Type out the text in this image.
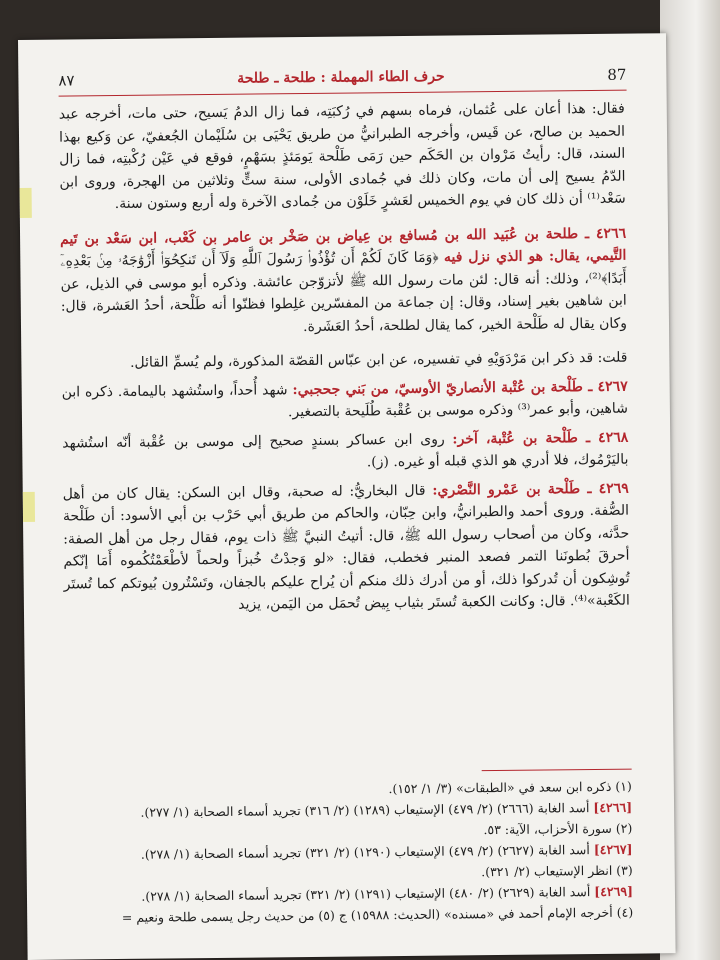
87
حرف الطاء المهملة : طلحة ـ طلحة
٨٧

فقال: هذا أعان على عُثمان، فرماه بسهم في رُكبَتِه، فما زال الدمُ يَسيح، حتى مات، أخرجه عبد الحميد بن صالح، عن قَيس، وأخرجه الطبرانيُّ من طريق يَحْيَى بن سُلَيْمان الجُعفيّ، عن وَكيع بهذا السند، قال: رأيتُ مَرْوان بن الحَكَم حين رَمَى طَلْحة يَومَئذٍ بسَهْمٍ، فوقع في عَيْن رُكْبتِه، فما زال الدّمُ يسيح إلى أن مات، وكان ذلك في جُمادى الأولى، سنة ستٍّ وثلاثين من الهجرة، وروى ابن سَعْد⁽¹⁾ أن ذلك كان في يوم الخميس لعَشرٍ خَلَوْن من جُمادى الآخرة وله أربع وستون سنة.

٤٢٦٦ ـ طلحة بن عُبَيد الله بن مُسافع بن عِياض بن صَخْر بن عامر بن كَعْب، ابن سَعْد بن تَيم التَّيمي، يقال: هو الذي نزل فيه ﴿وَمَا كَانَ لَكُمْ أَن تُؤْذُوا۟ رَسُولَ ٱللَّهِ وَلَآ أَن تَنكِحُوٓا۟ أَزْوَٰجَهُۥ مِنۢ بَعْدِهِۦٓ أَبَدًا﴾⁽²⁾، وذلك: أنه قال: لئن مات رسول الله ﷺ لأتزوّجن عائشة. وذكره أبو موسى في الذيل، عن ابن شاهين بغير إسناد، وقال: إن جماعة من المفسّرين غلِطوا فظنّوا أنه طَلْحة، أحدُ العَشرة، قال: وكان يقال له طَلْحة الخير، كما يقال لطلحة، أحدُ العَشَرة.

قلت: قد ذكر ابن مَرْدَوَيْهِ في تفسيره، عن ابن عبّاس القصّة المذكورة، ولم يُسمِّ القائل.

٤٢٦٧ ـ طَلْحة بن عُتْبة الأنصاريّ الأوسيّ، من بَني جحجبي: شهد أُحداً، واستُشهد باليمامة. ذكره ابن شاهين، وأبو عمر⁽³⁾ وذكره موسى بن عُقْبة طُلَيحة بالتصغير.

٤٢٦٨ ـ طَلْحة بن عُتْبة، آخر: روى ابن عساكر بسندٍ صحيح إلى موسى بن عُقْبة أنّه استُشهد باليَرْمُوك، فلا أدري هو الذي قبله أو غيره. (ز).

٤٢٦٩ ـ طَلْحة بن عَمْرو النَّصْري: قال البخاريُّ: له صحبة، وقال ابن السكن: يقال كان من أهل الصُّفة. وروى أحمد والطبرانيُّ، وابن حِبّان، والحاكم من طريق أبي حَرْب بن أبي الأسود: أن طَلْحة حدَّثه، وكان من أصحاب رسول الله ﷺ، قال: أتيتُ النبيَّ ﷺ ذات يوم، فقال رجل من أهل الصفة: أحرقَ بُطونَنا التمر فصعد المنبر فخطب، فقال: «لو وَجدْتُ خُبزاً ولحماً لأطْعَمْتُكُموه أَمَا إنّكم تُوشِكون أن تُدركوا ذلك، أو من أدرك ذلك منكم أن يُراح عليكم بالجفان، وتَسْتُرون بُيوتكم كما تُستَر الكَعْبة»⁽⁴⁾. قال: وكانت الكعبة تُستَر بثياب بِيض تُحمَل من اليَمن، يزيد

(١) ذكره ابن سعد في «الطبقات» (٣/ ١/ ١٥٢).

[٤٢٦٦] أسد الغابة (٢٦٦٦) (٢/ ٤٧٩) الإستيعاب (١٢٨٩) (٢/ ٣١٦) تجريد أسماء الصحابة (١/ ٢٧٧).

(٢) سورة الأحزاب، الآية: ٥٣.

[٤٢٦٧] أسد الغابة (٢٦٢٧) (٢/ ٤٧٩) الإستيعاب (١٢٩٠) (٢/ ٣٢١) تجريد أسماء الصحابة (١/ ٢٧٨).

(٣) انظر الإستيعاب (٢/ ٣٢١).

[٤٢٦٩] أسد الغابة (٢٦٢٩) (٢/ ٤٨٠) الإستيعاب (١٢٩١) (٢/ ٣٢١) تجريد أسماء الصحابة (١/ ٢٧٨).

(٤) أخرجه الإمام أحمد في «مسنده» (الحديث: ١٥٩٨٨) ج (٥) من حديث رجل يسمى طلحة ونعيم =
